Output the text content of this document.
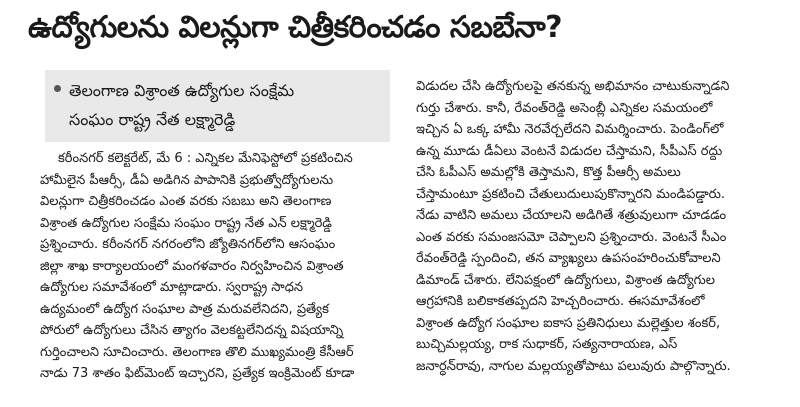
ఉద్యోగులను విలన్లుగా చిత్రీకరించడం సబబేనా?
తెలంగాణ విశ్రాంత ఉద్యోగుల సంక్షేమ
సంఘం రాష్ట్ర నేత లక్ష్మారెడ్డి
కరీంనగర్ కలెక్టరేట్, మే 6 : ఎన్నికల మేనిఫెస్టోలో ప్రకటించిన
హామీలైన పీఆర్సీ, డీఏ అడిగిన పాపానికి ప్రభుత్వోద్యోగులను
విలన్లుగా చిత్రీకరించడం ఎంత వరకు సబబు అని తెలంగాణ
విశ్రాంత ఉద్యోగుల సంక్షేమ సంఘం రాష్ట్ర నేత ఎన్ లక్ష్మారెడ్డి
ప్రశ్నించారు. కరీంనగర్ నగరంలోని జ్యోతినగర్‌లోని ఆసంఘం
జిల్లా శాఖ కార్యాలయంలో మంగళవారం నిర్వహించిన విశ్రాంత
ఉద్యోగుల సమావేశంలో మాట్లాడారు. స్వరాష్ట్ర సాధన
ఉద్యమంలో ఉద్యోగ సంఘాల పాత్ర మరువలేనిదని, ప్రత్యేక
పోరులో ఉద్యోగులు చేసిన త్యాగం వెలకట్టలేనిదన్న విషయాన్ని
గుర్తించాలని సూచించారు. తెలంగాణ తొలి ముఖ్యమంత్రి కేసీఆర్
నాడు 73 శాతం ఫిట్‌మెంట్ ఇచ్చారని, ప్రత్యేక ఇంక్రిమెంట్ కూడా
విడుదల చేసి ఉద్యోగులపై తనకున్న అభిమానం చాటుకున్నాడని
గుర్తు చేశారు. కానీ, రేవంత్‌రెడ్డి అసెంబ్లీ ఎన్నికల సమయంలో
ఇచ్చిన ఏ ఒక్క హామీ నెరవేర్చలేదని విమర్శించారు. పెండింగ్‌లో
ఉన్న మూడు డీఏలు వెంటనే విడుదల చేస్తామని, సీపీఎస్ రద్దు
చేసి ఓపీఎస్ అమల్లోకి తెస్తామని, కొత్త పీఆర్సీ అమలు
చేస్తామంటూ ప్రకటించి చేతులుదులుపుకొన్నారని మండిపడ్డారు.
నేడు వాటిని అమలు చేయాలని అడిగితే శత్రువులుగా చూడడం
ఎంత వరకు సమంజసమో చెప్పాలని ప్రశ్నించారు. వెంటనే సీఎం
రేవంత్‌రెడ్డి స్పందించి, తన వ్యాఖ్యలు ఉపసంహరించుకోవాలని
డిమాండ్ చేశారు. లేనిపక్షంలో ఉద్యోగులు, విశ్రాంత ఉద్యోగుల
ఆగ్రహానికి బలికాకతప్పదని హెచ్చరించారు. ఈసమావేశంలో
విశ్రాంత ఉద్యోగ సంఘాల ఐకాస ప్రతినిధులు మల్లెత్తుల శంకర్,
బుచ్చిమల్లయ్య, రాక సుధాకర్, సత్యనారాయణ, ఎస్
జనార్ధన్‌రావు, నాగుల మల్లయ్యతోపాటు పలువురు పాల్గొన్నారు.
